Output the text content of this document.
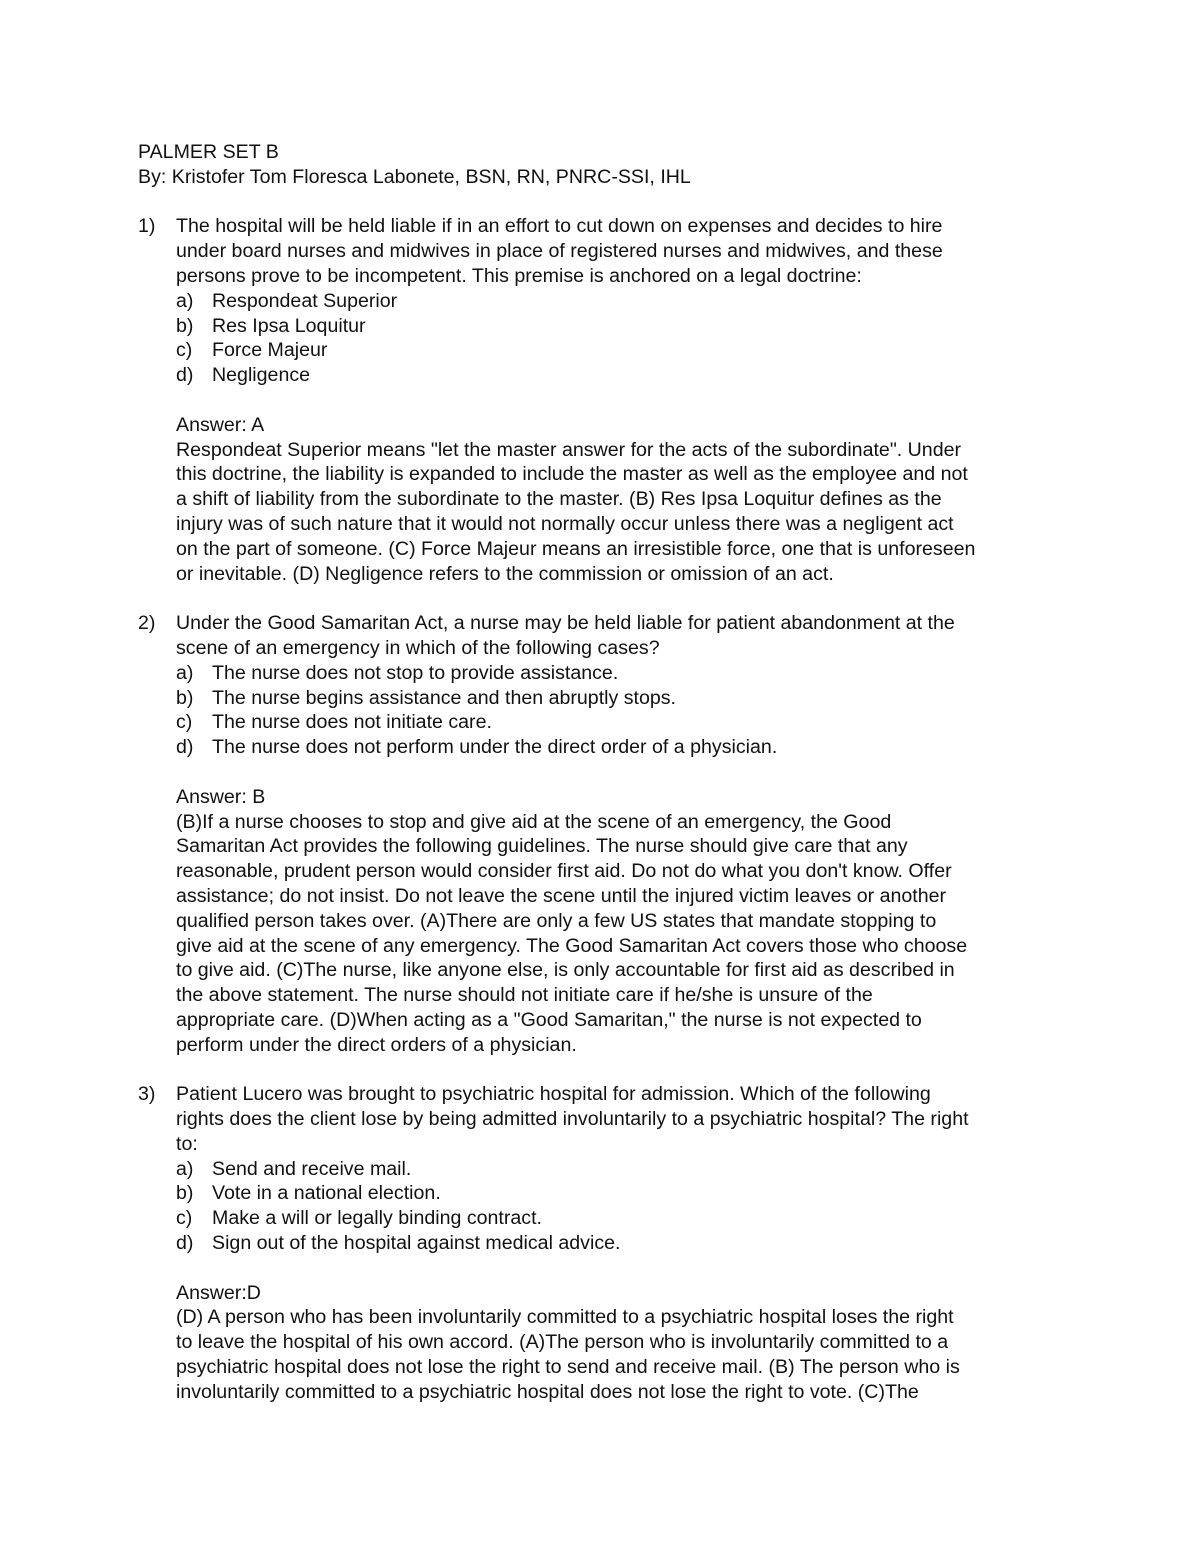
PALMER SET B
By: Kristofer Tom Floresca Labonete, BSN, RN, PNRC-SSI, IHL
1) The hospital will be held liable if in an effort to cut down on expenses and decides to hire
under board nurses and midwives in place of registered nurses and midwives, and these
persons prove to be incompetent. This premise is anchored on a legal doctrine:
a) Respondeat Superior
b) Res Ipsa Loquitur
c) Force Majeur
d) Negligence
Answer: A
Respondeat Superior means "let the master answer for the acts of the subordinate". Under
this doctrine, the liability is expanded to include the master as well as the employee and not
a shift of liability from the subordinate to the master. (B) Res Ipsa Loquitur defines as the
injury was of such nature that it would not normally occur unless there was a negligent act
on the part of someone. (C) Force Majeur means an irresistible force, one that is unforeseen
or inevitable. (D) Negligence refers to the commission or omission of an act.
2) Under the Good Samaritan Act, a nurse may be held liable for patient abandonment at the
scene of an emergency in which of the following cases?
a) The nurse does not stop to provide assistance.
b) The nurse begins assistance and then abruptly stops.
c) The nurse does not initiate care.
d) The nurse does not perform under the direct order of a physician.
Answer: B
(B)If a nurse chooses to stop and give aid at the scene of an emergency, the Good
Samaritan Act provides the following guidelines. The nurse should give care that any
reasonable, prudent person would consider first aid. Do not do what you don't know. Offer
assistance; do not insist. Do not leave the scene until the injured victim leaves or another
qualified person takes over. (A)There are only a few US states that mandate stopping to
give aid at the scene of any emergency. The Good Samaritan Act covers those who choose
to give aid. (C)The nurse, like anyone else, is only accountable for first aid as described in
the above statement. The nurse should not initiate care if he/she is unsure of the
appropriate care. (D)When acting as a "Good Samaritan," the nurse is not expected to
perform under the direct orders of a physician.
3) Patient Lucero was brought to psychiatric hospital for admission. Which of the following
rights does the client lose by being admitted involuntarily to a psychiatric hospital? The right
to:
a) Send and receive mail.
b) Vote in a national election.
c) Make a will or legally binding contract.
d) Sign out of the hospital against medical advice.
Answer:D
(D) A person who has been involuntarily committed to a psychiatric hospital loses the right
to leave the hospital of his own accord. (A)The person who is involuntarily committed to a
psychiatric hospital does not lose the right to send and receive mail. (B) The person who is
involuntarily committed to a psychiatric hospital does not lose the right to vote. (C)The
